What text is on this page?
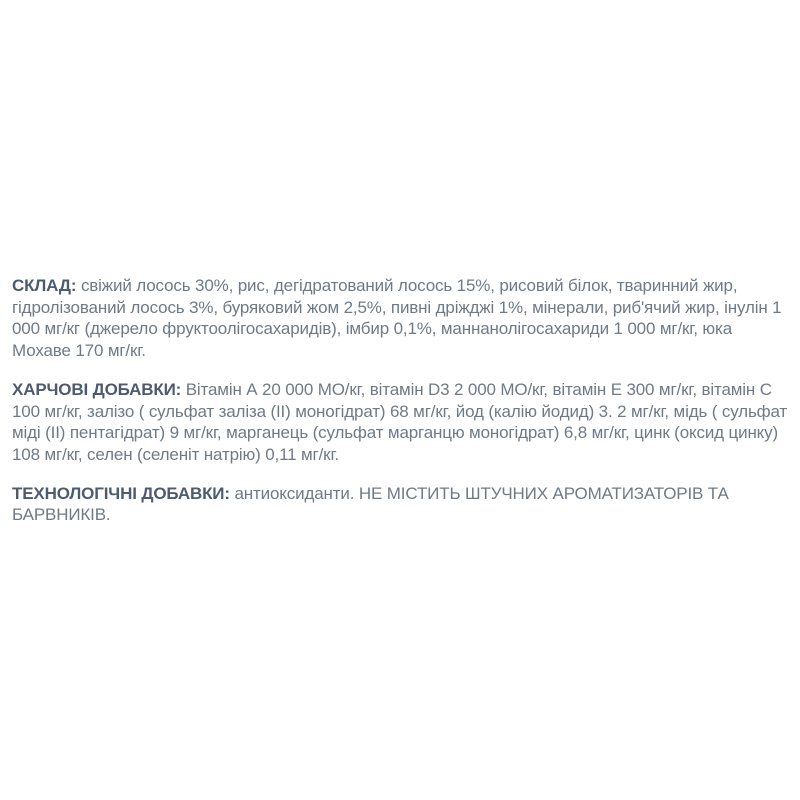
СКЛАД: свіжий лосось 30%, рис, дегідратований лосось 15%, рисовий білок, тваринний жир, гідролізований лосось 3%, буряковий жом 2,5%, пивні дріжджі 1%, мінерали, риб'ячий жир, інулін 1 000 мг/кг (джерело фруктоолігосахаридів), імбир 0,1%, маннанолігосахариди 1 000 мг/кг, юка Мохаве 170 мг/кг.

ХАРЧОВІ ДОБАВКИ: Вітамін А 20 000 МО/кг, вітамін D3 2 000 МО/кг, вітамін Е 300 мг/кг, вітамін С 100 мг/кг, залізо ( сульфат заліза (ІІ) моногідрат) 68 мг/кг, йод (калію йодид) 3. 2 мг/кг, мідь ( сульфат міді (ІІ) пентагідрат) 9 мг/кг, марганець (сульфат марганцю моногідрат) 6,8 мг/кг, цинк (оксид цинку) 108 мг/кг, селен (селеніт натрію) 0,11 мг/кг.

ТЕХНОЛОГІЧНІ ДОБАВКИ: антиоксиданти. НЕ МІСТИТЬ ШТУЧНИХ АРОМАТИЗАТОРІВ ТА БАРВНИКІВ.
